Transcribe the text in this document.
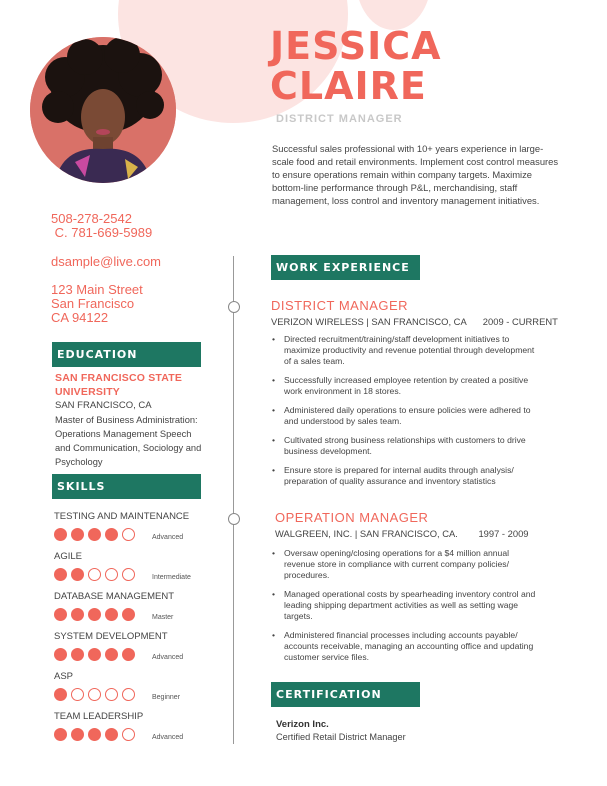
JESSICA
CLAIRE
DISTRICT MANAGER
Successful sales professional with 10+ years experience in large-scale food and retail environments. Implement cost control measures to ensure operations remain within company targets. Maximize bottom-line performance through P&L, merchandising, staff management, loss control and inventory management initiatives.
508-278-2542
C. 781-669-5989
dsample@live.com
123 Main Street
San Francisco
CA 94122
EDUCATION
SAN FRANCISCO STATE UNIVERSITY
SAN FRANCISCO, CA
Master of Business Administration: Operations Management Speech and Communication, Sociology and Psychology
SKILLS
TESTING AND MAINTENANCE
Advanced
AGILE
Intermediate
DATABASE MANAGEMENT
Master
SYSTEM DEVELOPMENT
Advanced
ASP
Beginner
TEAM LEADERSHIP
Advanced
WORK EXPERIENCE
DISTRICT MANAGER
VERIZON WIRELESS | SAN FRANCISCO, CA 2009 - CURRENT
• Directed recruitment/training/staff development initiatives to maximize productivity and revenue potential through development of a sales team.
• Successfully increased employee retention by created a positive work environment in 18 stores.
• Administered daily operations to ensure policies were adhered to and understood by sales team.
• Cultivated strong business relationships with customers to drive business development.
• Ensure store is prepared for internal audits through analysis/ preparation of quality assurance and inventory statistics
OPERATION MANAGER
WALGREEN, INC. | SAN FRANCISCO, CA. 1997 - 2009
• Oversaw opening/closing operations for a $4 million annual revenue store in compliance with current company policies/ procedures.
• Managed operational costs by spearheading inventory control and leading shipping department activities as well as setting wage targets.
• Administered financial processes including accounts payable/ accounts receivable, managing an accounting office and updating customer service files.
CERTIFICATION
Verizon Inc.
Certified Retail District Manager
